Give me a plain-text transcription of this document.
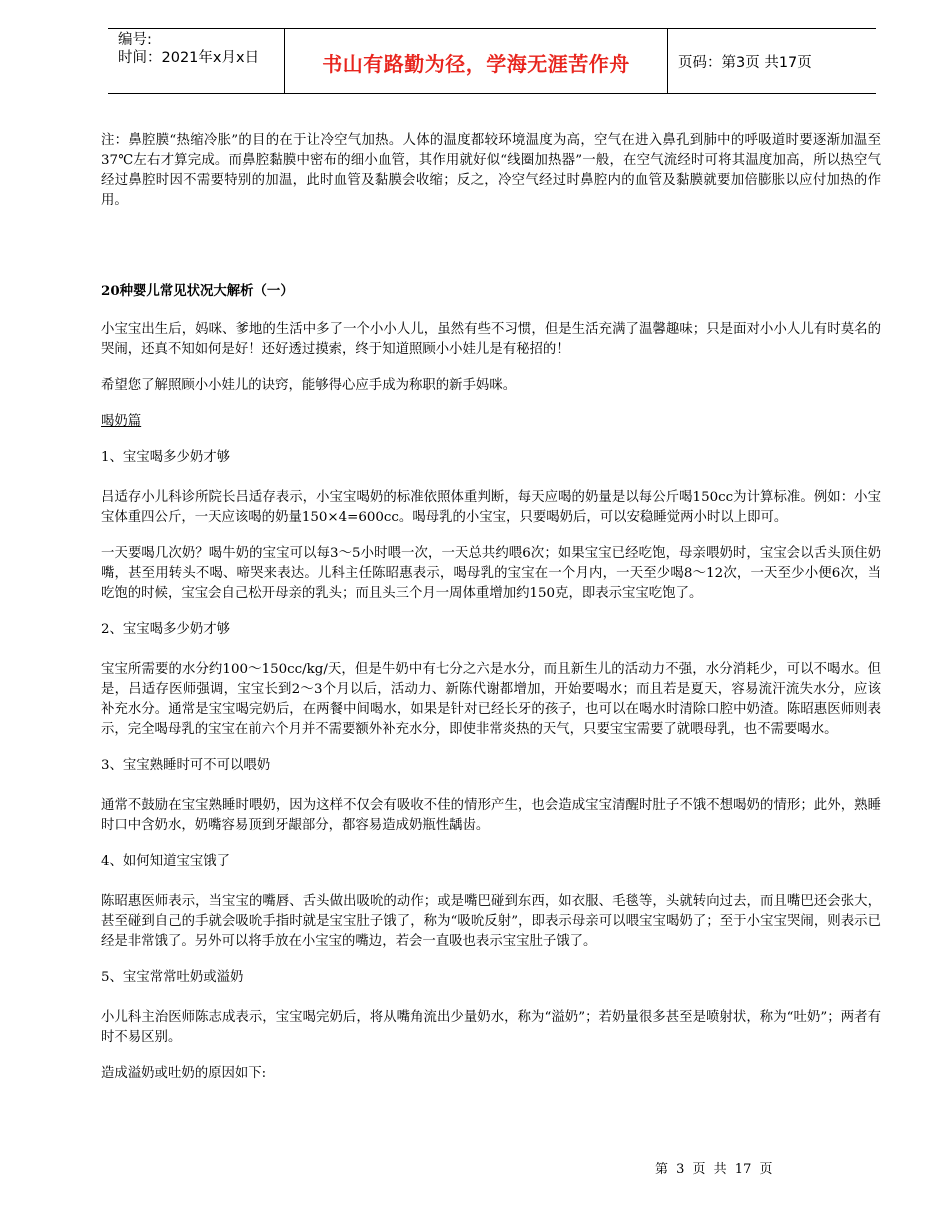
编号:
时间：2021年x月x日	书山有路勤为径，学海无涯苦作舟	页码：第3页 共17页

注：鼻腔膜“热缩冷胀”的目的在于让冷空气加热。人体的温度都较环境温度为高，空气在进入鼻孔到肺中的呼吸道时要逐渐加温至37℃左右才算完成。而鼻腔黏膜中密布的细小血管，其作用就好似“线圈加热器”一般，在空气流经时可将其温度加高，所以热空气经过鼻腔时因不需要特别的加温，此时血管及黏膜会收缩；反之，冷空气经过时鼻腔内的血管及黏膜就要加倍膨胀以应付加热的作用。

20种婴儿常见状况大解析（一）

小宝宝出生后，妈咪、爹地的生活中多了一个小小人儿，虽然有些不习惯，但是生活充满了温馨趣味；只是面对小小人儿有时莫名的哭闹，还真不知如何是好！还好透过摸索，终于知道照顾小小娃儿是有秘招的！

希望您了解照顾小小娃儿的诀窍，能够得心应手成为称职的新手妈咪。

喝奶篇

1、宝宝喝多少奶才够

吕适存小儿科诊所院长吕适存表示，小宝宝喝奶的标准依照体重判断，每天应喝的奶量是以每公斤喝150cc为计算标准。例如：小宝宝体重四公斤，一天应该喝的奶量150×4=600cc。喝母乳的小宝宝，只要喝奶后，可以安稳睡觉两小时以上即可。

一天要喝几次奶？喝牛奶的宝宝可以每3～5小时喂一次，一天总共约喂6次；如果宝宝已经吃饱，母亲喂奶时，宝宝会以舌头顶住奶嘴，甚至用转头不喝、啼哭来表达。儿科主任陈昭惠表示，喝母乳的宝宝在一个月内，一天至少喝8～12次，一天至少小便6次，当吃饱的时候，宝宝会自己松开母亲的乳头；而且头三个月一周体重增加约150克，即表示宝宝吃饱了。

2、宝宝喝多少奶才够

宝宝所需要的水分约100～150cc/kg/天，但是牛奶中有七分之六是水分，而且新生儿的活动力不强，水分消耗少，可以不喝水。但是，吕适存医师强调，宝宝长到2～3个月以后，活动力、新陈代谢都增加，开始要喝水；而且若是夏天，容易流汗流失水分，应该补充水分。通常是宝宝喝完奶后，在两餐中间喝水，如果是针对已经长牙的孩子，也可以在喝水时清除口腔中奶渣。陈昭惠医师则表示，完全喝母乳的宝宝在前六个月并不需要额外补充水分，即使非常炎热的天气，只要宝宝需要了就喂母乳，也不需要喝水。

3、宝宝熟睡时可不可以喂奶

通常不鼓励在宝宝熟睡时喂奶，因为这样不仅会有吸收不佳的情形产生，也会造成宝宝清醒时肚子不饿不想喝奶的情形；此外，熟睡时口中含奶水，奶嘴容易顶到牙龈部分，都容易造成奶瓶性龋齿。

4、如何知道宝宝饿了

陈昭惠医师表示，当宝宝的嘴唇、舌头做出吸吮的动作；或是嘴巴碰到东西，如衣服、毛毯等，头就转向过去，而且嘴巴还会张大，甚至碰到自己的手就会吸吮手指时就是宝宝肚子饿了，称为“吸吮反射”，即表示母亲可以喂宝宝喝奶了；至于小宝宝哭闹，则表示已经是非常饿了。另外可以将手放在小宝宝的嘴边，若会一直吸也表示宝宝肚子饿了。

5、宝宝常常吐奶或溢奶

小儿科主治医师陈志成表示，宝宝喝完奶后，将从嘴角流出少量奶水，称为“溢奶”；若奶量很多甚至是喷射状，称为“吐奶”；两者有时不易区别。

造成溢奶或吐奶的原因如下:

第 3 页 共 17 页
